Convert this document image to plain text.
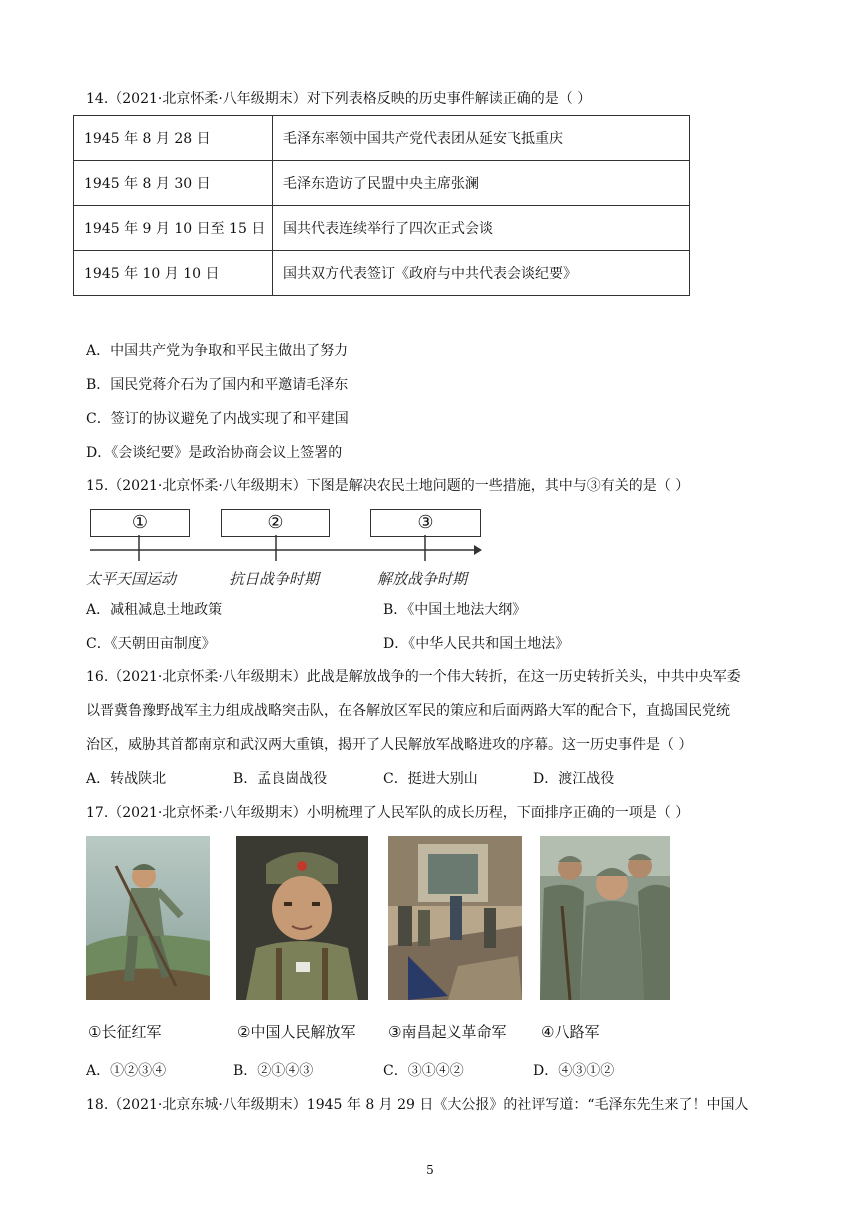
14.（2021·北京怀柔·八年级期末）对下列表格反映的历史事件解读正确的是（ ）
1945 年 8 月 28 日	毛泽东率领中国共产党代表团从延安飞抵重庆
1945 年 8 月 30 日	毛泽东造访了民盟中央主席张澜
1945 年 9 月 10 日至 15 日	国共代表连续举行了四次正式会谈
1945 年 10 月 10 日	国共双方代表签订《政府与中共代表会谈纪要》
A．中国共产党为争取和平民主做出了努力
B．国民党蒋介石为了国内和平邀请毛泽东
C．签订的协议避免了内战实现了和平建国
D．《会谈纪要》是政治协商会议上签署的
15.（2021·北京怀柔·八年级期末）下图是解决农民土地问题的一些措施，其中与③有关的是（ ）
①	②	③
太平天国运动	抗日战争时期	解放战争时期
A．减租减息土地政策	B．《中国土地法大纲》
C．《天朝田亩制度》	D．《中华人民共和国土地法》
16.（2021·北京怀柔·八年级期末）此战是解放战争的一个伟大转折，在这一历史转折关头，中共中央军委
以晋冀鲁豫野战军主力组成战略突击队，在各解放区军民的策应和后面两路大军的配合下，直捣国民党统
治区，威胁其首都南京和武汉两大重镇，揭开了人民解放军战略进攻的序幕。这一历史事件是（ ）
A．转战陕北	B．孟良崮战役	C．挺进大别山	D．渡江战役
17.（2021·北京怀柔·八年级期末）小明梳理了人民军队的成长历程，下面排序正确的一项是（ ）
①长征红军	②中国人民解放军 ③南昌起义革命军 ④八路军
A．①②③④	B．②①④③	C．③①④②	D．④③①②
18.（2021·北京东城·八年级期末）1945 年 8 月 29 日《大公报》的社评写道：“毛泽东先生来了！中国人
5
